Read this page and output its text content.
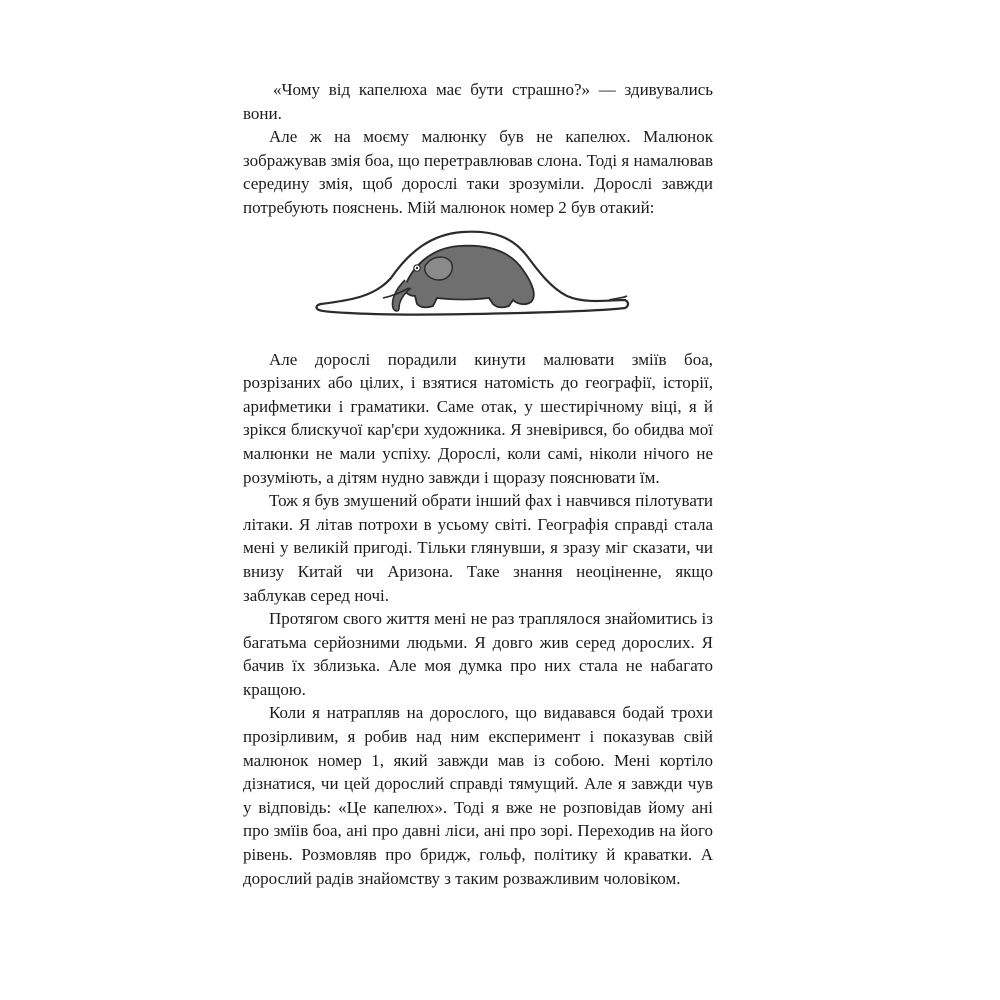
«Чому від капелюха має бути страшно?» — здивувались вони.

Але ж на моєму малюнку був не капелюх. Малюнок зображував змія боа, що перетравлював слона. Тоді я намалював середину змія, щоб дорослі таки зрозуміли. Дорослі завжди потребують пояснень. Мій малюнок номер 2 був отакий:

Але дорослі порадили кинути малювати зміїв боа, розрізаних або цілих, і взятися натомість до географії, історії, арифметики і граматики. Саме отак, у шестирічному віці, я й зрікся блискучої кар'єри художника. Я зневірився, бо обидва мої малюнки не мали успіху. Дорослі, коли самі, ніколи нічого не розуміють, а дітям нудно завжди і щоразу пояснювати їм.

Тож я був змушений обрати інший фах і навчився пілотувати літаки. Я літав потрохи в усьому світі. Географія справді стала мені у великій пригоді. Тільки глянувши, я зразу міг сказати, чи внизу Китай чи Аризона. Таке знання неоціненне, якщо заблукав серед ночі.

Протягом свого життя мені не раз траплялося знайомитись із багатьма серйозними людьми. Я довго жив серед дорослих. Я бачив їх зблизька. Але моя думка про них стала не набагато кращою.

Коли я натрапляв на дорослого, що видавався бодай трохи прозірливим, я робив над ним експеримент і показував свій малюнок номер 1, який завжди мав із собою. Мені кортіло дізнатися, чи цей дорослий справді тямущий. Але я завжди чув у відповідь: «Це капелюх». Тоді я вже не розповідав йому ані про змїів боа, ані про давні ліси, ані про зорі. Переходив на його рівень. Розмовляв про бридж, гольф, політику й краватки. А дорослий радів знайомству з таким розважливим чоловіком.
